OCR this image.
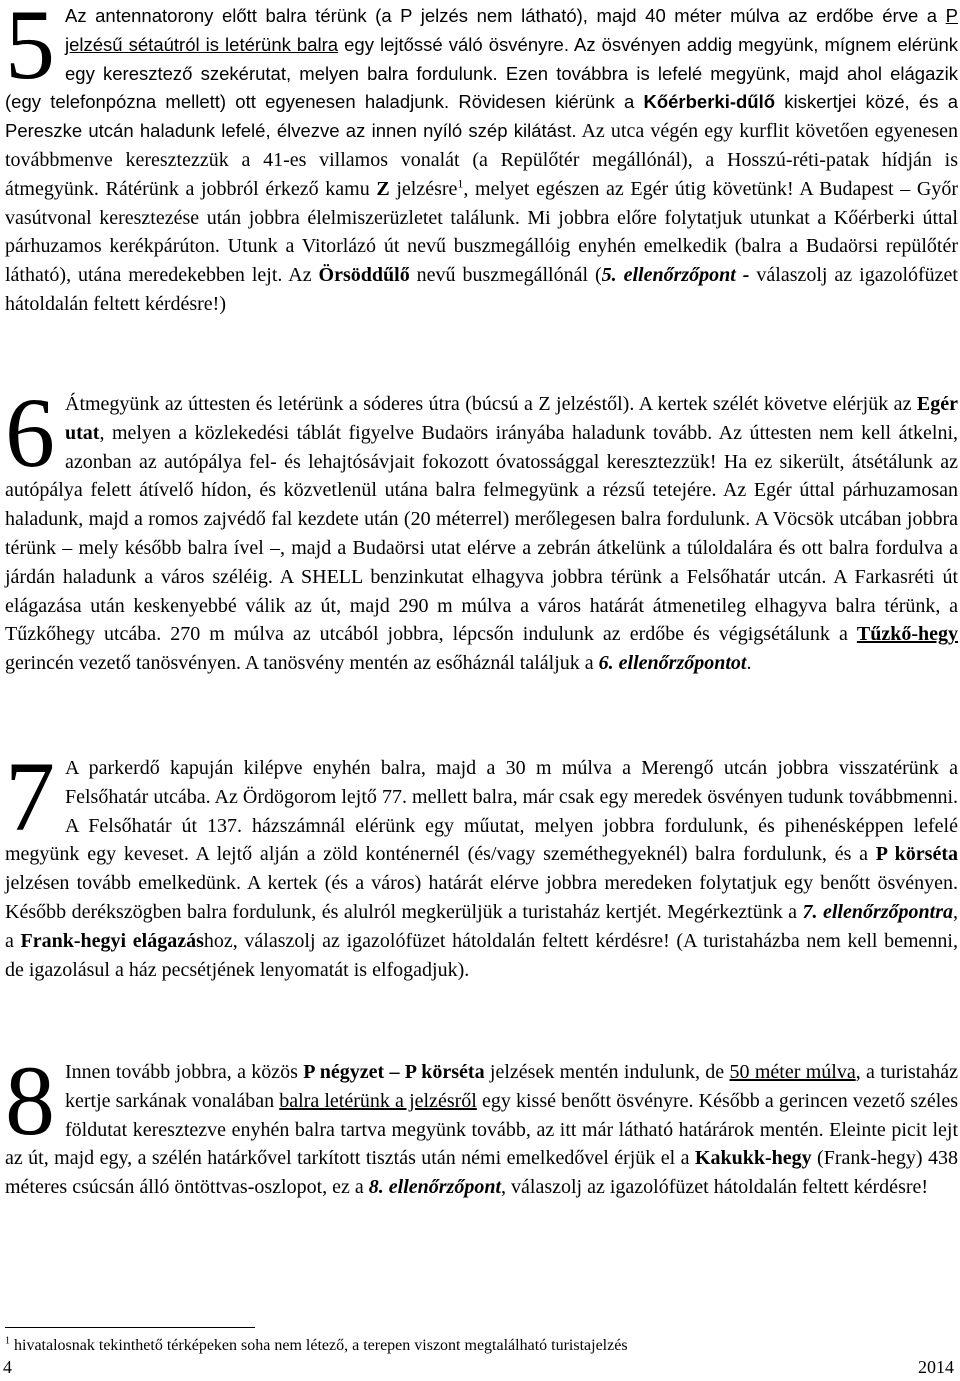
5 Az antennatorony előtt balra térünk (a P jelzés nem látható), majd 40 méter múlva az erdőbe érve a P jelzésű sétaútról is letérünk balra egy lejtőssé váló ösvényre. Az ösvényen addig megyünk, mígnem elérünk egy keresztező szekérutat, melyen balra fordulunk. Ezen továbbra is lefelé megyünk, majd ahol elágazik (egy telefonpózna mellett) ott egyenesen haladjunk. Rövidesen kiérünk a Kőérberki-dűlő kiskertjei közé, és a Pereszke utcán haladunk lefelé, élvezve az innen nyíló szép kilátást. Az utca végén egy kurflit követően egyenesen továbbmenve keresztezzük a 41-es villamos vonalát (a Repülőtér megállónál), a Hosszú-réti-patak hídján is átmegyünk. Rátérünk a jobbról érkező kamu Z jelzésre$^1$, melyet egészen az Egér útig követünk! A Budapest – Győr vasútvonal keresztezése után jobbra élelmiszerüzletet találunk. Mi jobbra előre folytatjuk utunkat a Kőérberki úttal párhuzamos kerékpárúton. Utunk a Vitorlázó út nevű buszmegállóig enyhén emelkedik (balra a Budaörsi repülőtér látható), utána meredekebben lejt. Az Örsöddűlő nevű buszmegállónál (5. ellenőrzőpont - válaszolj az igazolófüzet hátoldalán feltett kérdésre!)

6 Átmegyünk az úttesten és letérünk a sóderes útra (búcsú a Z jelzéstől). A kertek szélét követve elérjük az Egér utat, melyen a közlekedési táblát figyelve Budaörs irányába haladunk tovább. Az úttesten nem kell átkelni, azonban az autópálya fel- és lehajtósávjait fokozott óvatossággal keresztezzük! Ha ez sikerült, átsétálunk az autópálya felett átívelő hídon, és közvetlenül utána balra felmegyünk a rézsű tetejére. Az Egér úttal párhuzamosan haladunk, majd a romos zajvédő fal kezdete után (20 méterrel) merőlegesen balra fordulunk. A Vöcsök utcában jobbra térünk – mely később balra ível –, majd a Budaörsi utat elérve a zebrán átkelünk a túloldalára és ott balra fordulva a járdán haladunk a város széléig. A SHELL benzinkutat elhagyva jobbra térünk a Felsőhatár utcán. A Farkasréti út elágazása után keskenyebbé válik az út, majd 290 m múlva a város határát átmenetileg elhagyva balra térünk, a Tűzkőhegy utcába. 270 m múlva az utcából jobbra, lépcsőn indulunk az erdőbe és végigsétálunk a Tűzkő-hegy gerincén vezető tanösvényen. A tanösvény mentén az esőháznál találjuk a 6. ellenőrzőpontot.

7 A parkerdő kapuján kilépve enyhén balra, majd a 30 m múlva a Merengő utcán jobbra visszatérünk a Felsőhatár utcába. Az Ördögorom lejtő 77. mellett balra, már csak egy meredek ösvényen tudunk továbbmenni. A Felsőhatár út 137. házszámnál elérünk egy műutat, melyen jobbra fordulunk, és pihenésképpen lefelé megyünk egy keveset. A lejtő alján a zöld konténernél (és/vagy szeméthegyeknél) balra fordulunk, és a P körséta jelzésen tovább emelkedünk. A kertek (és a város) határát elérve jobbra meredeken folytatjuk egy benőtt ösvényen. Később derékszögben balra fordulunk, és alulról megkerüljük a turistaház kertjét. Megérkeztünk a 7. ellenőrzőpontra, a Frank-hegyi elágazáshoz, válaszolj az igazolófüzet hátoldalán feltett kérdésre! (A turistaházba nem kell bemenni, de igazolásul a ház pecsétjének lenyomatát is elfogadjuk).

8 Innen tovább jobbra, a közös P négyzet – P körséta jelzések mentén indulunk, de 50 méter múlva, a turistaház kertje sarkának vonalában balra letérünk a jelzésről egy kissé benőtt ösvényre. Később a gerincen vezető széles földutat keresztezve enyhén balra tartva megyünk tovább, az itt már látható határárok mentén. Eleinte picit lejt az út, majd egy, a szélén határkővel tarkított tisztás után némi emelkedővel érjük el a Kakukk-hegy (Frank-hegy) 438 méteres csúcsán álló öntöttvas-oszlopot, ez a 8. ellenőrzőpont, válaszolj az igazolófüzet hátoldalán feltett kérdésre!

$^1$ hivatalosnak tekinthető térképeken soha nem létező, a terepen viszont megtalálható turistajelzés
4	2014
